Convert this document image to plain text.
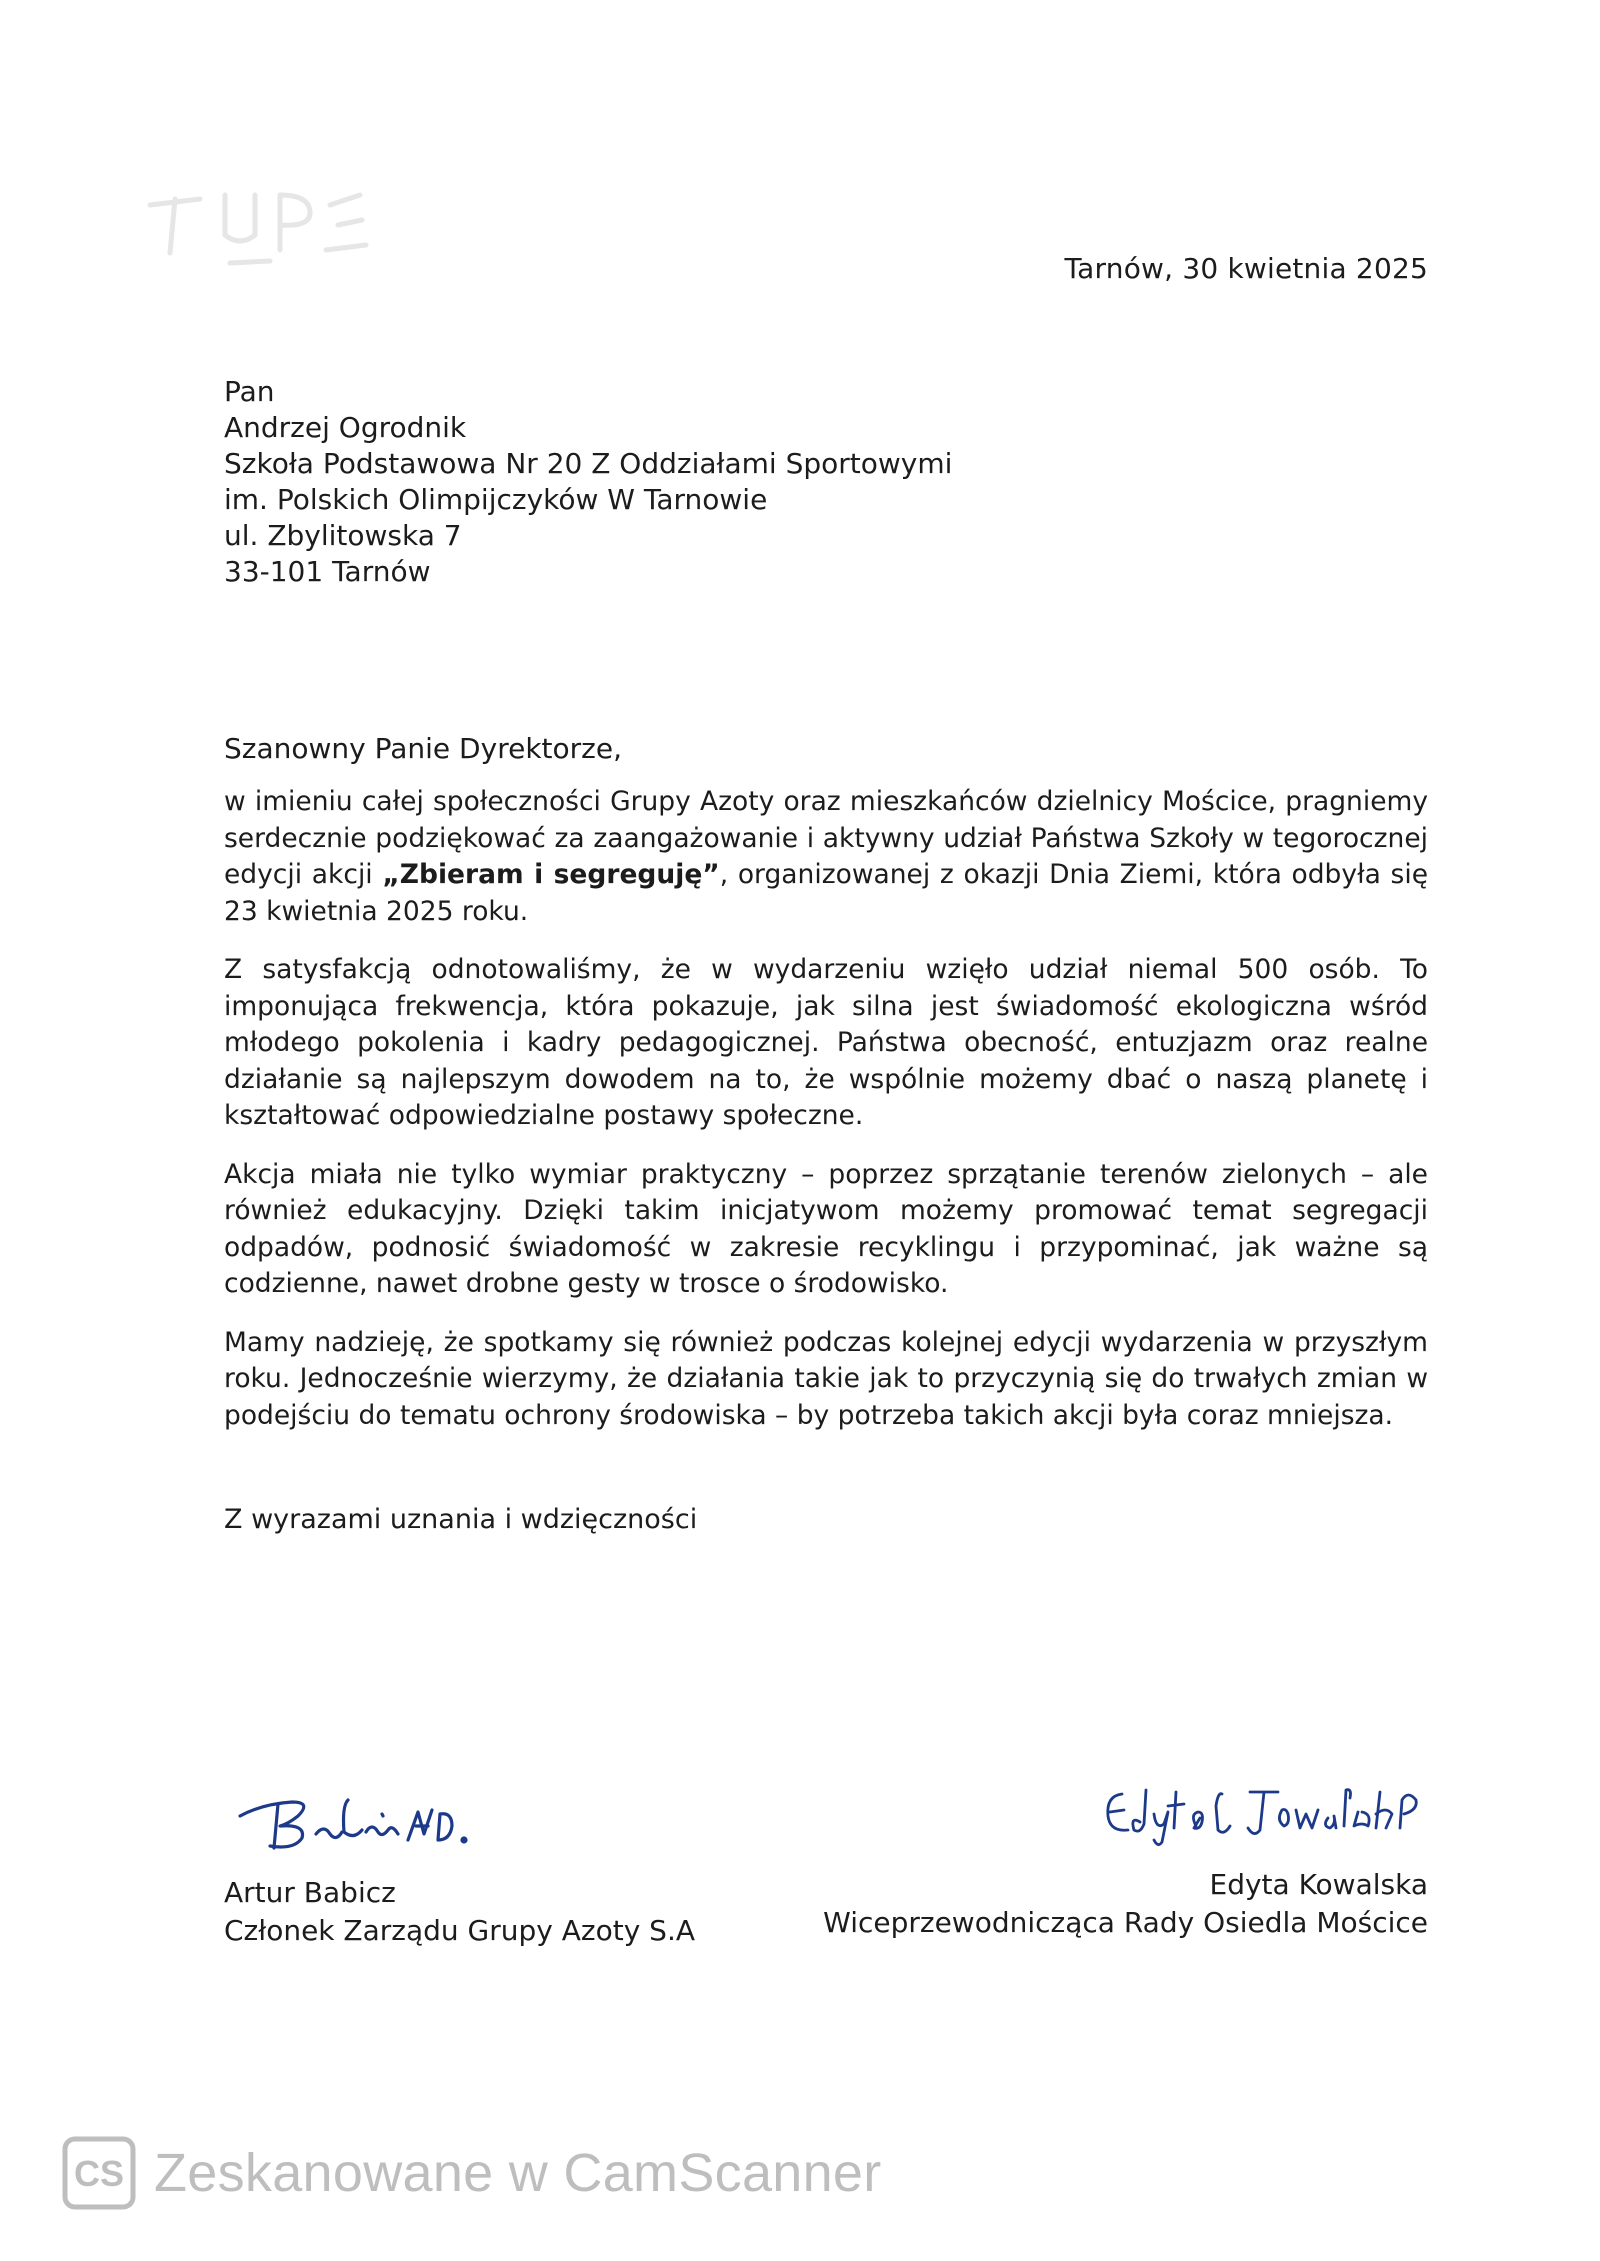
Tarnów, 30 kwietnia 2025
Pan
Andrzej Ogrodnik
Szkoła Podstawowa Nr 20 Z Oddziałami Sportowymi
im. Polskich Olimpijczyków W Tarnowie
ul. Zbylitowska 7
33-101 Tarnów
Szanowny Panie Dyrektorze,

w imieniu całej społeczności Grupy Azoty oraz mieszkańców dzielnicy Mościce, pragniemy serdecznie podziękować za zaangażowanie i aktywny udział Państwa Szkoły w tegorocznej edycji akcji „Zbieram i segreguję”, organizowanej z okazji Dnia Ziemi, która odbyła się 23 kwietnia 2025 roku.

Z satysfakcją odnotowaliśmy, że w wydarzeniu wzięło udział niemal 500 osób. To imponująca frekwencja, która pokazuje, jak silna jest świadomość ekologiczna wśród młodego pokolenia i kadry pedagogicznej. Państwa obecność, entuzjazm oraz realne działanie są najlepszym dowodem na to, że wspólnie możemy dbać o naszą planetę i kształtować odpowiedzialne postawy społeczne.

Akcja miała nie tylko wymiar praktyczny – poprzez sprzątanie terenów zielonych – ale również edukacyjny. Dzięki takim inicjatywom możemy promować temat segregacji odpadów, podnosić świadomość w zakresie recyklingu i przypominać, jak ważne są codzienne, nawet drobne gesty w trosce o środowisko.

Mamy nadzieję, że spotkamy się również podczas kolejnej edycji wydarzenia w przyszłym roku. Jednocześnie wierzymy, że działania takie jak to przyczynią się do trwałych zmian w podejściu do tematu ochrony środowiska – by potrzeba takich akcji była coraz mniejsza.

Z wyrazami uznania i wdzięczności
Artur Babicz
Członek Zarządu Grupy Azoty S.A
Edyta Kowalska
Wiceprzewodnicząca Rady Osiedla Mościce
CS Zeskanowane w CamScanner
